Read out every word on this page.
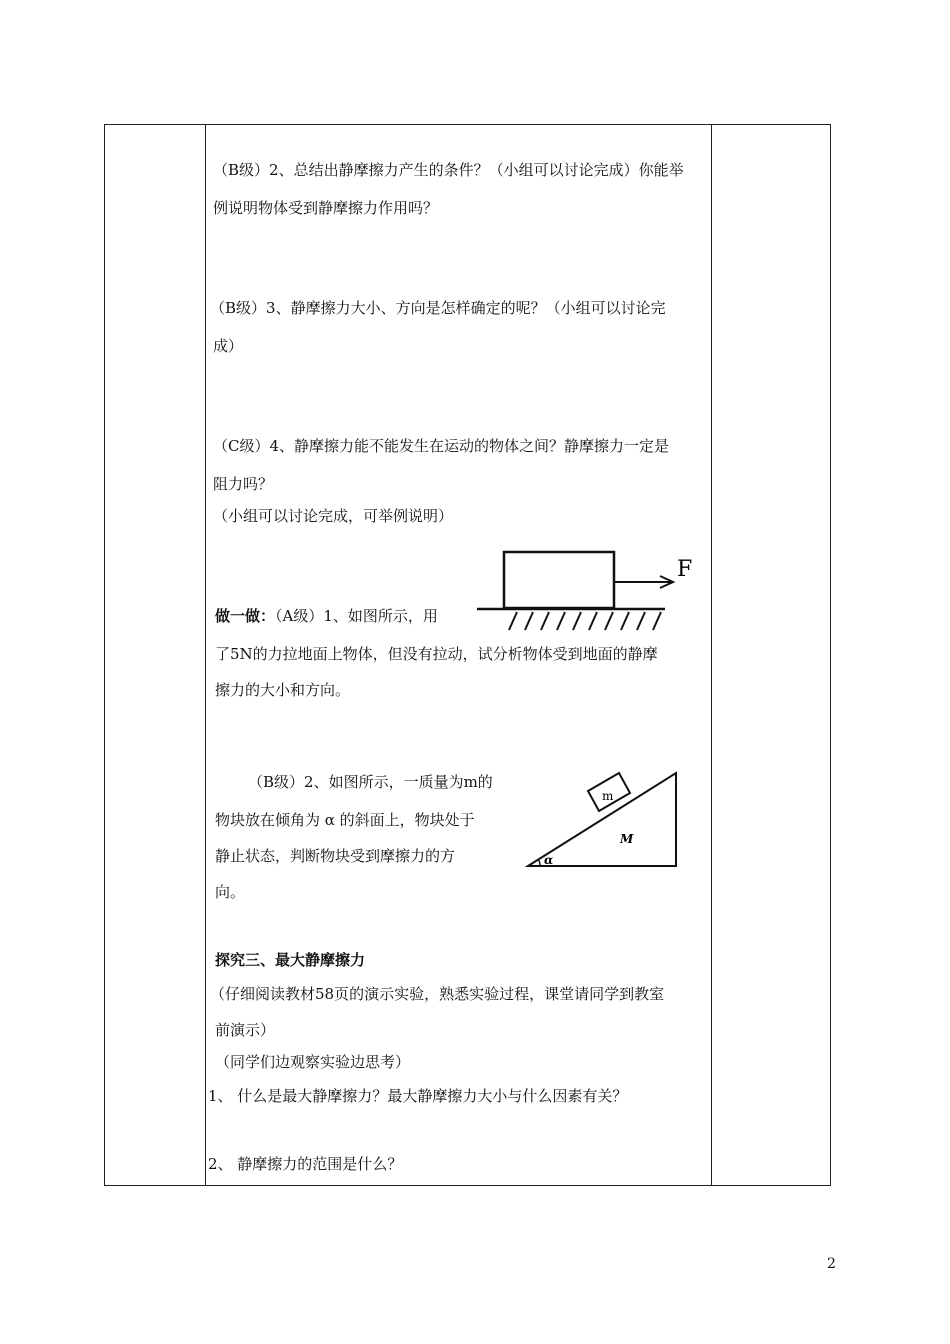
（B级）2、总结出静摩擦力产生的条件？（小组可以讨论完成）你能举
例说明物体受到静摩擦力作用吗？
（B级）3、静摩擦力大小、方向是怎样确定的呢？（小组可以讨论完
成）
（C级）4、静摩擦力能不能发生在运动的物体之间？静摩擦力一定是
阻力吗？
（小组可以讨论完成，可举例说明）
F
做一做：（A级）1、如图所示，用
了5N的力拉地面上物体，但没有拉动，试分析物体受到地面的静摩
擦力的大小和方向。
（B级）2、如图所示，一质量为m的
物块放在倾角为 α 的斜面上，物块处于
静止状态，判断物块受到摩擦力的方
向。
m
M
α
探究三、最大静摩擦力
（仔细阅读教材58页的演示实验，熟悉实验过程，课堂请同学到教室
前演示）
（同学们边观察实验边思考）
1、 什么是最大静摩擦力？最大静摩擦力大小与什么因素有关？
2、 静摩擦力的范围是什么？
2
